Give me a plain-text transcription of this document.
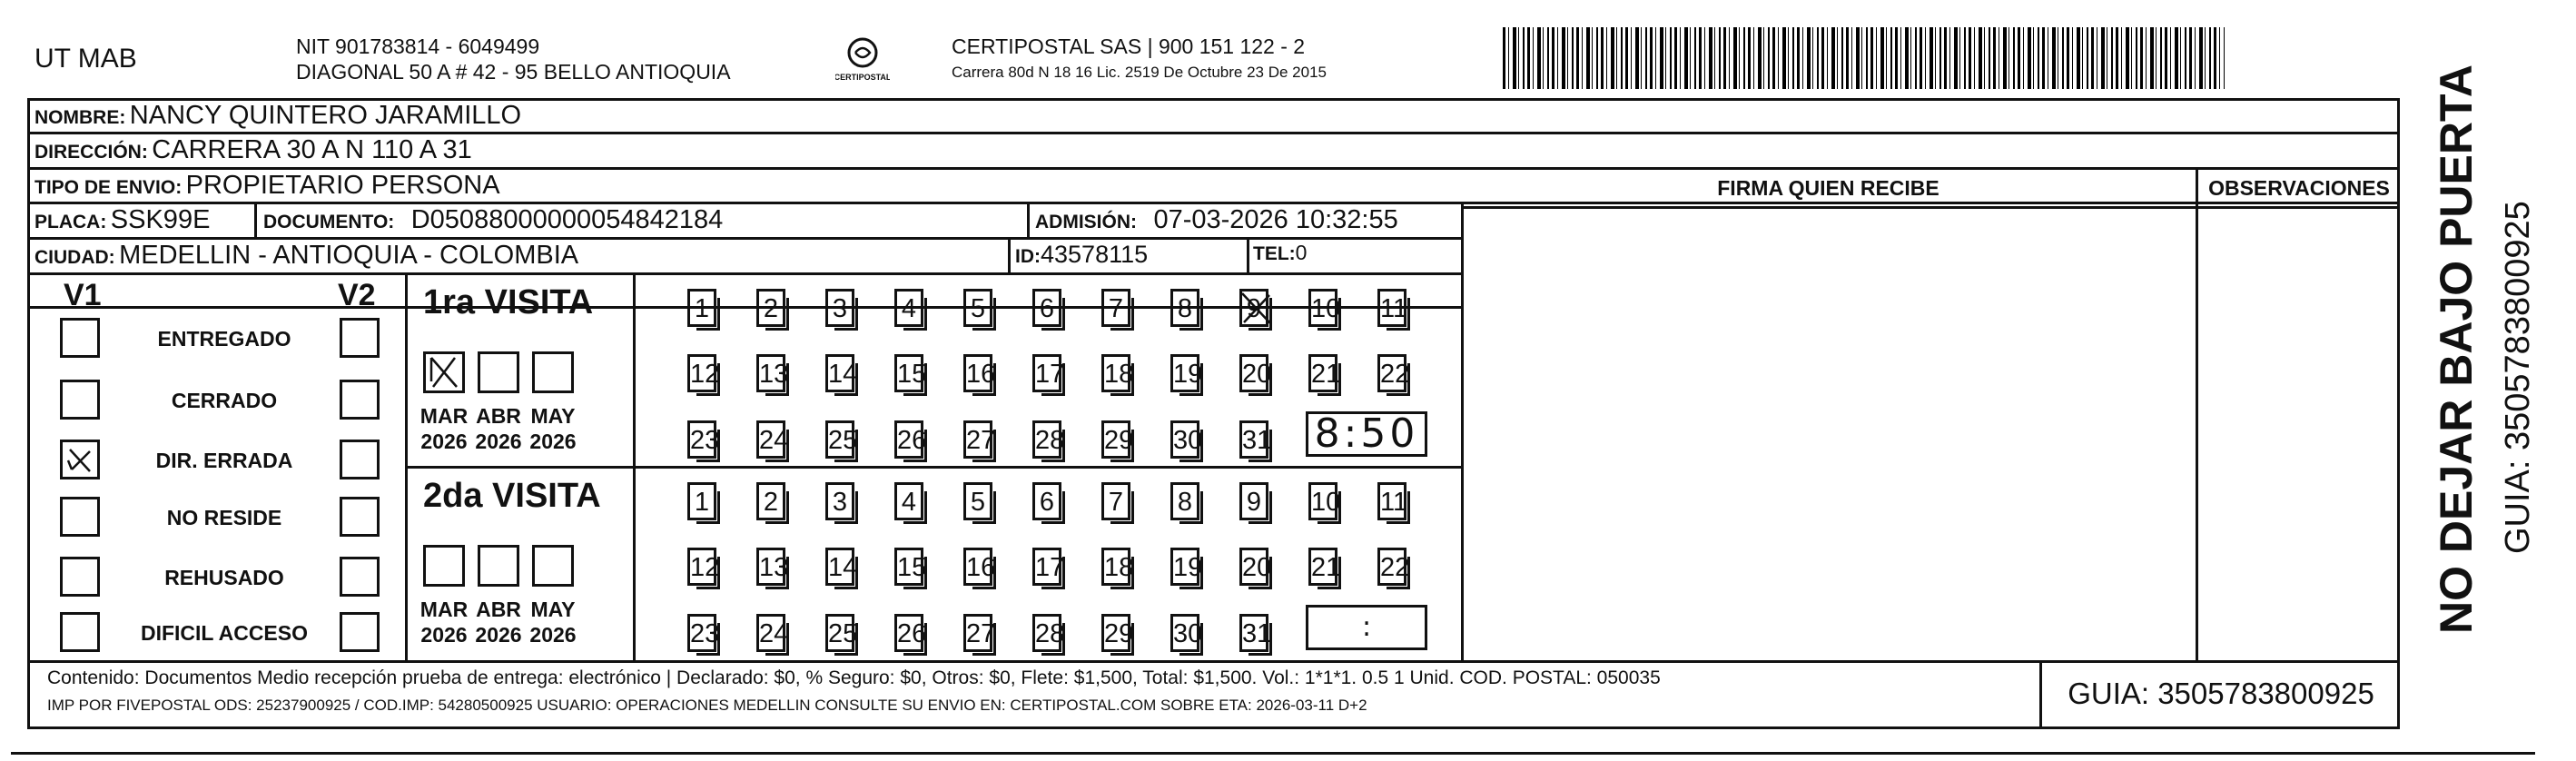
UT MAB	NIT 901783814 - 6049499
DIAGONAL 50 A # 42 - 95 BELLO ANTIOQUIA	CERTIPOSTAL
CERTIPOSTAL SAS | 900 151 122 - 2
Carrera 80d N 18 16 Lic. 2519 De Octubre 23 De 2015
NOMBRE: NANCY QUINTERO JARAMILLO
DIRECCIÓN: CARRERA 30 A N 110 A 31
TIPO DE ENVIO: PROPIETARIO PERSONA
PLACA: SSK99E	DOCUMENTO: D05088000000054842184	ADMISIÓN: 07-03-2026 10:32:55
CIUDAD: MEDELLIN - ANTIOQUIA - COLOMBIA	ID:43578115	TEL:0
FIRMA QUIEN RECIBE	OBSERVACIONES
V1	V2
ENTREGADO
CERRADO
DIR. ERRADA
NO RESIDE
REHUSADO
DIFICIL ACCESO
1ra VISITA
MAR
2026
ABR
2026
MAY
2026
1 2 3 4 5 6 7 8 9 10 11
12 13 14 15 16 17 18 19 20 21 22
23 24 25 26 27 28 29 30 31 8:50
2da VISITA
MAR
2026
ABR
2026
MAY
2026
1 2 3 4 5 6 7 8 9 10 11
12 13 14 15 16 17 18 19 20 21 22
23 24 25 26 27 28 29 30 31	:
Contenido: Documentos Medio recepción prueba de entrega: electrónico | Declarado: $0, % Seguro: $0, Otros: $0, Flete: $1,500, Total: $1,500. Vol.: 1*1*1. 0.5 1 Unid. COD. POSTAL: 050035
IMP POR FIVEPOSTAL ODS: 25237900925 / COD.IMP: 54280500925 USUARIO: OPERACIONES MEDELLIN CONSULTE SU ENVIO EN: CERTIPOSTAL.COM SOBRE ETA: 2026-03-11 D+2	GUIA: 3505783800925
NO DEJAR BAJO PUERTA GUIA: 3505783800925
